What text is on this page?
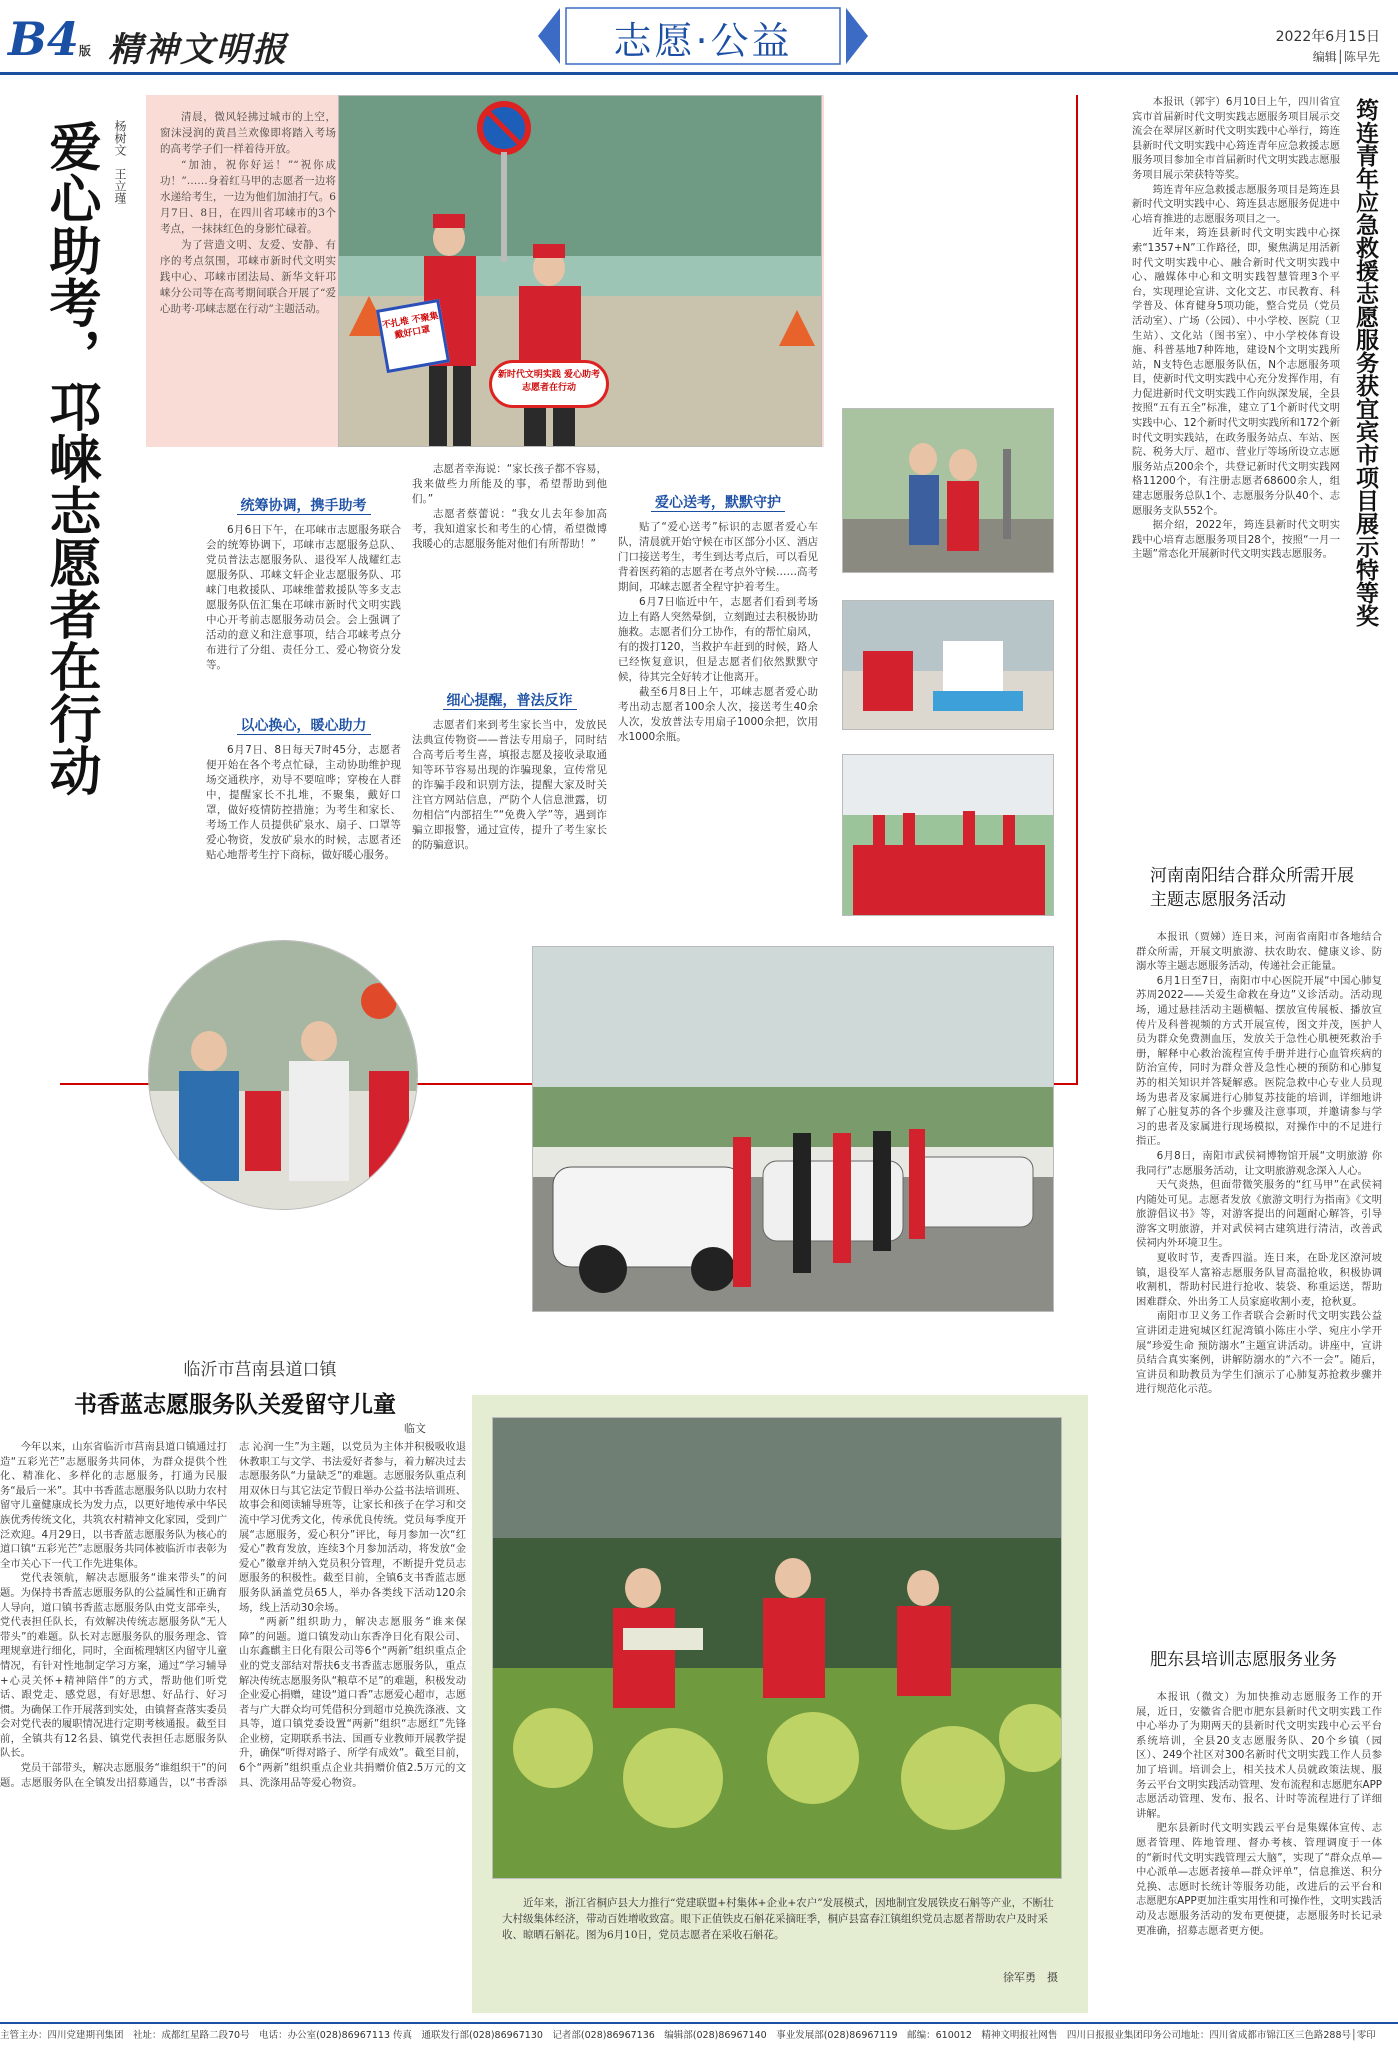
B4版 精神文明报	志愿·公益	2022年6月15日
编辑│陈早先
爱心助考，邛崃志愿者在行动 杨树文　王立瑾

清晨，微风轻拂过城市的上空，窗沫浸润的黄昌兰欢像即将踏入考场的高考学子们一样着待开放。

“加油，祝你好运！”“祝你成功！”……身着红马甲的志愿者一边将水递给考生，一边为他们加油打气。6月7日、8日，在四川省邛崃市的3个考点，一抹抹红色的身影忙碌着。

为了营造文明、友爱、安静、有序的考点氛围，邛崃市新时代文明实践中心、邛崃市团法局、新华文轩邛崃分公司等在高考期间联合开展了“爱心助考·邛崃志愿在行动”主题活动。

不扎堆 不聚集 戴好口罩
新时代文明实践 爱心助考 志愿者在行动
统筹协调，携手助考

6月6日下午，在邛崃市志愿服务联合会的统筹协调下，邛崃市志愿服务总队、党员普法志愿服务队、退役军人战耀红志愿服务队、邛崃文轩企业志愿服务队、邛崃门电救援队、邛崃维蕾救援队等多支志愿服务队伍汇集在邛崃市新时代文明实践中心开考前志愿服务动员会。会上强调了活动的意义和注意事项，结合邛崃考点分布进行了分组、责任分工、爱心物资分发等。

以心换心，暖心助力

6月7日、8日每天7时45分，志愿者便开始在各个考点忙碌，主动协助维护现场交通秩序，劝导不要喧哗；穿梭在人群中，提醒家长不扎堆，不聚集，戴好口罩，做好疫情防控措施；为考生和家长、考场工作人员提供矿泉水、扇子、口罩等爱心物资，发放矿泉水的时候，志愿者还贴心地帮考生拧下商标，做好暖心服务。

志愿者幸海说：“家长孩子都不容易，我来做些力所能及的事，希望帮助到他们。”

志愿者蔡蕾说：“我女儿去年参加高考，我知道家长和考生的心情，希望微博我暖心的志愿服务能对他们有所帮助！”

细心提醒，普法反诈

志愿者们来到考生家长当中，发放民法典宣传物资——普法专用扇子，同时结合高考后考生喜，填报志愿及接收录取通知等环节容易出现的诈骗现象，宣传常见的诈骗手段和识别方法，提醒大家及时关注官方网站信息，严防个人信息泄露，切勿相信“内部招生”“免费入学”等，遇到诈骗立即报警，通过宣传，提升了考生家长的防骗意识。

爱心送考，默默守护

贴了“爱心送考”标识的志愿者爱心车队，清晨就开始守候在市区部分小区、酒店门口接送考生，考生到达考点后，可以看见背着医药箱的志愿者在考点外守候……高考期间，邛崃志愿者全程守护着考生。

6月7日临近中午，志愿者们看到考场边上有路人突然晕倒，立刻跑过去积极协助施救。志愿者们分工协作，有的帮忙扇风，有的拨打120，当救护车赶到的时候，路人已经恢复意识，但是志愿者们依然默默守候，待其完全好转才让他离开。

截至6月8日上午，邛崃志愿者爱心助考出动志愿者100余人次，接送考生40余人次，发放普法专用扇子1000余把，饮用水1000余瓶。

筠连青年应急救援志愿服务获宜宾市项目展示特等奖

本报讯（郭宇）6月10日上午，四川省宜宾市首届新时代文明实践志愿服务项目展示交流会在翠屏区新时代文明实践中心举行，筠连县新时代文明实践中心筠连青年应急救援志愿服务项目参加全市首届新时代文明实践志愿服务项目展示荣获特等奖。

筠连青年应急救援志愿服务项目是筠连县新时代文明实践中心、筠连县志愿服务促进中心培育推进的志愿服务项目之一。

近年来，筠连县新时代文明实践中心探索“1357+N”工作路径，即，聚焦满足用活新时代文明实践中心、融合新时代文明实践中心、融媒体中心和文明实践智慧管理3个平台，实现理论宣讲、文化文艺、市民教育、科学普及、体育健身5项功能，整合党员（党员活动室）、广场（公园）、中小学校、医院（卫生站）、文化站（图书室）、中小学校体育设施、科普基地7种阵地，建设N个文明实践所站，N支特色志愿服务队伍，N个志愿服务项目，使新时代文明实践中心充分发挥作用，有力促进新时代文明实践工作向纵深发展，全县按照“五有五全”标准，建立了1个新时代文明实践中心、12个新时代文明实践所和172个新时代文明实践站，在政务服务站点、车站、医院、税务大厅、超市、营业厅等场所设立志愿服务站点200余个，共登记新时代文明实践网格11200个，有注册志愿者68600余人，组建志愿服务总队1个、志愿服务分队40个、志愿服务支队552个。

据介绍，2022年，筠连县新时代文明实践中心培育志愿服务项目28个，按照“一月一主题”常态化开展新时代文明实践志愿服务。

河南南阳结合群众所需开展主题志愿服务活动

本报讯（贾娣）连日来，河南省南阳市各地结合群众所需，开展文明旅游、扶农助农、健康义诊、防溺水等主题志愿服务活动，传递社会正能量。

6月1日至7日，南阳市中心医院开展“中国心肺复苏周2022——关爱生命救在身边”义诊活动。活动现场，通过悬挂活动主题横幅、摆放宣传展板、播放宣传片及科普视频的方式开展宣传，图文并茂，医护人员为群众免费测血压，发放关于急性心肌梗死救治手册，解释中心救治流程宣传手册并进行心血管疾病的防治宣传，同时为群众普及急性心梗的预防和心肺复苏的相关知识并答疑解惑。医院急救中心专业人员现场为患者及家属进行心肺复苏技能的培训，详细地讲解了心脏复苏的各个步骤及注意事项，并邀请参与学习的患者及家属进行现场模拟，对操作中的不足进行指正。

6月8日，南阳市武侯祠博物馆开展“文明旅游 你我同行”志愿服务活动，让文明旅游观念深入人心。

天气炎热，但面带微笑服务的“红马甲”在武侯祠内随处可见。志愿者发放《旅游文明行为指南》《文明旅游倡议书》等，对游客提出的问题耐心解答，引导游客文明旅游，并对武侯祠古建筑进行清洁，改善武侯祠内外环境卫生。

夏收时节，麦香四溢。连日来，在卧龙区潦河坡镇，退役军人富裕志愿服务队冒高温抢收，积极协调收割机，帮助村民进行抢收、装袋、称重运送，帮助困难群众、外出务工人员家庭收割小麦，抢秋夏。

南阳市卫义务工作者联合会新时代文明实践公益宣讲团走进宛城区红泥湾镇小陈庄小学、宛庄小学开展“珍爱生命 预防溺水”主题宣讲活动。讲座中，宣讲员结合真实案例，讲解防溺水的“六不一会”。随后，宣讲员和助教员为学生们演示了心肺复苏抢救步骤并进行规范化示范。

肥东县培训志愿服务业务

本报讯（微文）为加快推动志愿服务工作的开展，近日，安徽省合肥市肥东县新时代文明实践工作中心举办了为期两天的县新时代文明实践中心云平台系统培训，全县20支志愿服务队、20个乡镇（园区）、249个社区对300名新时代文明实践工作人员参加了培训。培训会上，相关技术人员就政策法规、服务云平台文明实践活动管理、发布流程和志愿肥东APP志愿活动管理、发布、报名、计时等流程进行了详细讲解。

肥东县新时代文明实践云平台是集媒体宣传、志愿者管理、阵地管理、督办考核、管理调度于一体的“新时代文明实践管理云大脑”，实现了“群众点单—中心派单—志愿者接单—群众评单”，信息推送、积分兑换、志愿时长统计等服务功能，改进后的云平台和志愿肥东APP更加注重实用性和可操作性，文明实践活动及志愿服务活动的发布更便捷，志愿服务时长记录更准确，招募志愿者更方便。

临沂市莒南县道口镇
书香蓝志愿服务队关爱留守儿童
临文

今年以来，山东省临沂市莒南县道口镇通过打造“五彩光芒”志愿服务共同体，为群众提供个性化、精准化、多样化的志愿服务，打通为民服务“最后一米”。其中书香蓝志愿服务队以助力农村留守儿童健康成长为发力点，以更好地传承中华民族优秀传统文化，共筑农村精神文化家园，受到广泛欢迎。4月29日，以书香蓝志愿服务队为核心的道口镇“五彩光芒”志愿服务共同体被临沂市表彰为全市关心下一代工作先进集体。

党代表领航，解决志愿服务“谁来带头”的问题。为保持书香蓝志愿服务队的公益属性和正确育人导向，道口镇书香蓝志愿服务队由党支部牵头，党代表担任队长，有效解决传统志愿服务队“无人带头”的难题。队长对志愿服务队的服务理念、管理规章进行细化，同时，全面梳理辖区内留守儿童情况，有针对性地制定学习方案，通过“学习辅导+心灵关怀+精神陪伴”的方式，帮助他们听党话、跟党走、感党恩，有好思想、好品行、好习惯。为确保工作开展落到实处，由镇督查落实委员会对党代表的履职情况进行定期考核通报。截至目前，全镇共有12名县、镇党代表担任志愿服务队队长。

党员干部带头，解决志愿服务“谁组织干”的问题。志愿服务队在全镇发出招募通告，以“书香添志 沁润一生”为主题，以党员为主体并积极吸收退休教职工与文学、书法爱好者参与，着力解决过去志愿服务队“力量缺乏”的难题。志愿服务队重点利用双休日与其它法定节假日举办公益书法培训班、故事会和阅读辅导班等，让家长和孩子在学习和交流中学习优秀文化，传承优良传统。党员每季度开展“志愿服务，爱心积分”评比，每月参加一次“红爱心”教育发放，连续3个月参加活动，将发放“金爱心”徽章并纳入党员积分管理，不断提升党员志愿服务的积极性。截至目前，全镇6支书香蓝志愿服务队涵盖党员65人，举办各类线下活动120余场，线上活动30余场。

“两新”组织助力，解决志愿服务“谁来保障”的问题。道口镇发动山东香净日化有限公司、山东鑫麒主日化有限公司等6个“两新”组织重点企业的党支部结对帮扶6支书香蓝志愿服务队，重点解决传统志愿服务队“粮草不足”的难题，积极发动企业爱心捐赠，建设“道口香”志愿爱心超市，志愿者与广大群众均可凭借积分到超市兑换洗涤液、文具等，道口镇党委设置“两新”组织“志愿红”先锋企业榜，定期联系书法、国画专业教师开展教学提升，确保“听得对路子、所学有成效”。截至目前，6个“两新”组织重点企业共捐赠价值2.5万元的文具、洗涤用品等爱心物资。

近年来，浙江省桐庐县大力推行“党建联盟+村集体+企业+农户”发展模式，因地制宜发展铁皮石斛等产业，不断壮大村级集体经济，带动百姓增收致富。眼下正值铁皮石斛花采摘旺季，桐庐县富春江镇组织党员志愿者帮助农户及时采收、晾晒石斛花。图为6月10日，党员志愿者在采收石斛花。
徐军勇　摄
主管主办：四川党建期刊集团　社址：成都红星路二段70号　电话：办公室(028)86967113 传真　通联发行部(028)86967130　记者部(028)86967136　编辑部(028)86967140　事业发展部(028)86967119　邮编：610012　精神文明报社网售　四川日报报业集团印务公司地址：四川省成都市锦江区三色路288号│零印
